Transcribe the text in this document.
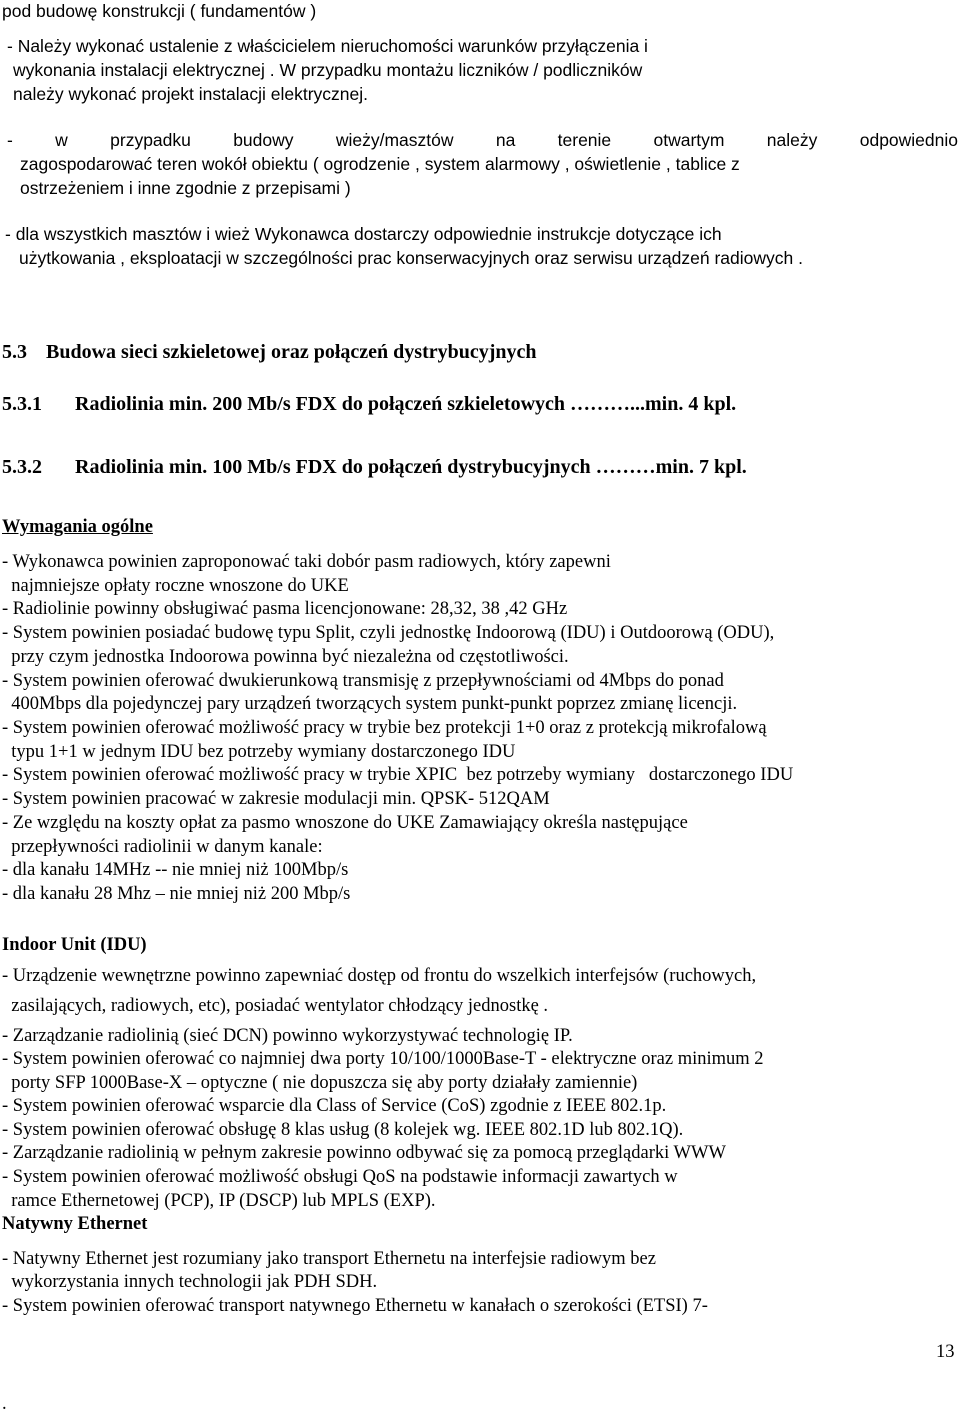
pod budowę konstrukcji ( fundamentów )
- Należy wykonać ustalenie z właścicielem nieruchomości warunków przyłączenia i
wykonania instalacji elektrycznej . W przypadku montażu liczników / podliczników
należy wykonać projekt instalacji elektrycznej.
- w przypadku budowy wieży/masztów na terenie otwartym należy odpowiednio
zagospodarować teren wokół obiektu ( ogrodzenie , system alarmowy , oświetlenie , tablice z
ostrzeżeniem i inne zgodnie z przepisami )
- dla wszystkich masztów i wież Wykonawca dostarczy odpowiednie instrukcje dotyczące ich
użytkowania , eksploatacji w szczególności prac konserwacyjnych oraz serwisu urządzeń radiowych .
5.3 Budowa sieci szkieletowej oraz połączeń dystrybucyjnych
5.3.1 Radiolinia min. 200 Mb/s FDX do połączeń szkieletowych ………...min. 4 kpl.
5.3.2 Radiolinia min. 100 Mb/s FDX do połączeń dystrybucyjnych ………min. 7 kpl.
Wymagania ogólne
- Wykonawca powinien zaproponować taki dobór pasm radiowych, który zapewni
najmniejsze opłaty roczne wnoszone do UKE
- Radiolinie powinny obsługiwać pasma licencjonowane: 28,32, 38 ,42 GHz
- System powinien posiadać budowę typu Split, czyli jednostkę Indoorową (IDU) i Outdoorową (ODU),
przy czym jednostka Indoorowa powinna być niezależna od częstotliwości.
- System powinien oferować dwukierunkową transmisję z przepływnościami od 4Mbps do ponad
400Mbps dla pojedynczej pary urządzeń tworzących system punkt-punkt poprzez zmianę licencji.
- System powinien oferować możliwość pracy w trybie bez protekcji 1+0 oraz z protekcją mikrofalową
typu 1+1 w jednym IDU bez potrzeby wymiany dostarczonego IDU
- System powinien oferować możliwość pracy w trybie XPIC  bez potrzeby wymiany   dostarczonego IDU
- System powinien pracować w zakresie modulacji min. QPSK- 512QAM
- Ze względu na koszty opłat za pasmo wnoszone do UKE Zamawiający określa następujące
przepływności radiolinii w danym kanale:
- dla kanału 14MHz -- nie mniej niż 100Mbp/s
- dla kanału 28 Mhz – nie mniej niż 200 Mbp/s
Indoor Unit (IDU)
- Urządzenie wewnętrzne powinno zapewniać dostęp od frontu do wszelkich interfejsów (ruchowych,
zasilających, radiowych, etc), posiadać wentylator chłodzący jednostkę .
- Zarządzanie radiolinią (sieć DCN) powinno wykorzystywać technologię IP.
- System powinien oferować co najmniej dwa porty 10/100/1000Base-T - elektryczne oraz minimum 2
porty SFP 1000Base-X – optyczne ( nie dopuszcza się aby porty działały zamiennie)
- System powinien oferować wsparcie dla Class of Service (CoS) zgodnie z IEEE 802.1p.
- System powinien oferować obsługę 8 klas usług (8 kolejek wg. IEEE 802.1D lub 802.1Q).
- Zarządzanie radiolinią w pełnym zakresie powinno odbywać się za pomocą przeglądarki WWW
- System powinien oferować możliwość obsługi QoS na podstawie informacji zawartych w
ramce Ethernetowej (PCP), IP (DSCP) lub MPLS (EXP).
Natywny Ethernet
- Natywny Ethernet jest rozumiany jako transport Ethernetu na interfejsie radiowym bez
wykorzystania innych technologii jak PDH SDH.
- System powinien oferować transport natywnego Ethernetu w kanałach o szerokości (ETSI) 7-
13
.
